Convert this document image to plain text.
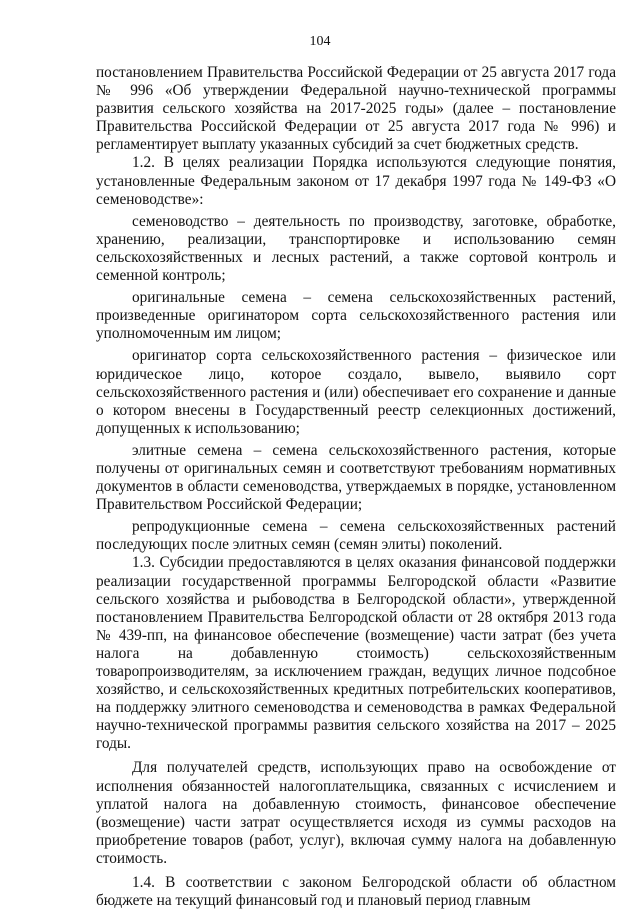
104

постановлением Правительства Российской Федерации от 25 августа 2017 года № 996 «Об утверждении Федеральной научно-технической программы развития сельского хозяйства на 2017-2025 годы» (далее – постановление Правительства Российской Федерации от 25 августа 2017 года № 996) и регламентирует выплату указанных субсидий за счет бюджетных средств.

1.2. В целях реализации Порядка используются следующие понятия, установленные Федеральным законом от 17 декабря 1997 года № 149-ФЗ «О семеноводстве»:

семеноводство – деятельность по производству, заготовке, обработке, хранению, реализации, транспортировке и использованию семян сельскохозяйственных и лесных растений, а также сортовой контроль и семенной контроль;

оригинальные семена – семена сельскохозяйственных растений, произведенные оригинатором сорта сельскохозяйственного растения или уполномоченным им лицом;

оригинатор сорта сельскохозяйственного растения – физическое или юридическое лицо, которое создало, вывело, выявило сорт сельскохозяйственного растения и (или) обеспечивает его сохранение и данные о котором внесены в Государственный реестр селекционных достижений, допущенных к использованию;

элитные семена – семена сельскохозяйственного растения, которые получены от оригинальных семян и соответствуют требованиям нормативных документов в области семеноводства, утверждаемых в порядке, установленном Правительством Российской Федерации;

репродукционные семена – семена сельскохозяйственных растений последующих после элитных семян (семян элиты) поколений.

1.3. Субсидии предоставляются в целях оказания финансовой поддержки реализации государственной программы Белгородской области «Развитие сельского хозяйства и рыбоводства в Белгородской области», утвержденной постановлением Правительства Белгородской области от 28 октября 2013 года № 439-пп, на финансовое обеспечение (возмещение) части затрат (без учета налога на добавленную стоимость) сельскохозяйственным товаропроизводителям, за исключением граждан, ведущих личное подсобное хозяйство, и сельскохозяйственных кредитных потребительских кооперативов, на поддержку элитного семеноводства и семеноводства в рамках Федеральной научно-технической программы развития сельского хозяйства на 2017 – 2025 годы.

Для получателей средств, использующих право на освобождение от исполнения обязанностей налогоплательщика, связанных с исчислением и уплатой налога на добавленную стоимость, финансовое обеспечение (возмещение) части затрат осуществляется исходя из суммы расходов на приобретение товаров (работ, услуг), включая сумму налога на добавленную стоимость.

1.4. В соответствии с законом Белгородской области об областном бюджете на текущий финансовый год и плановый период главным
